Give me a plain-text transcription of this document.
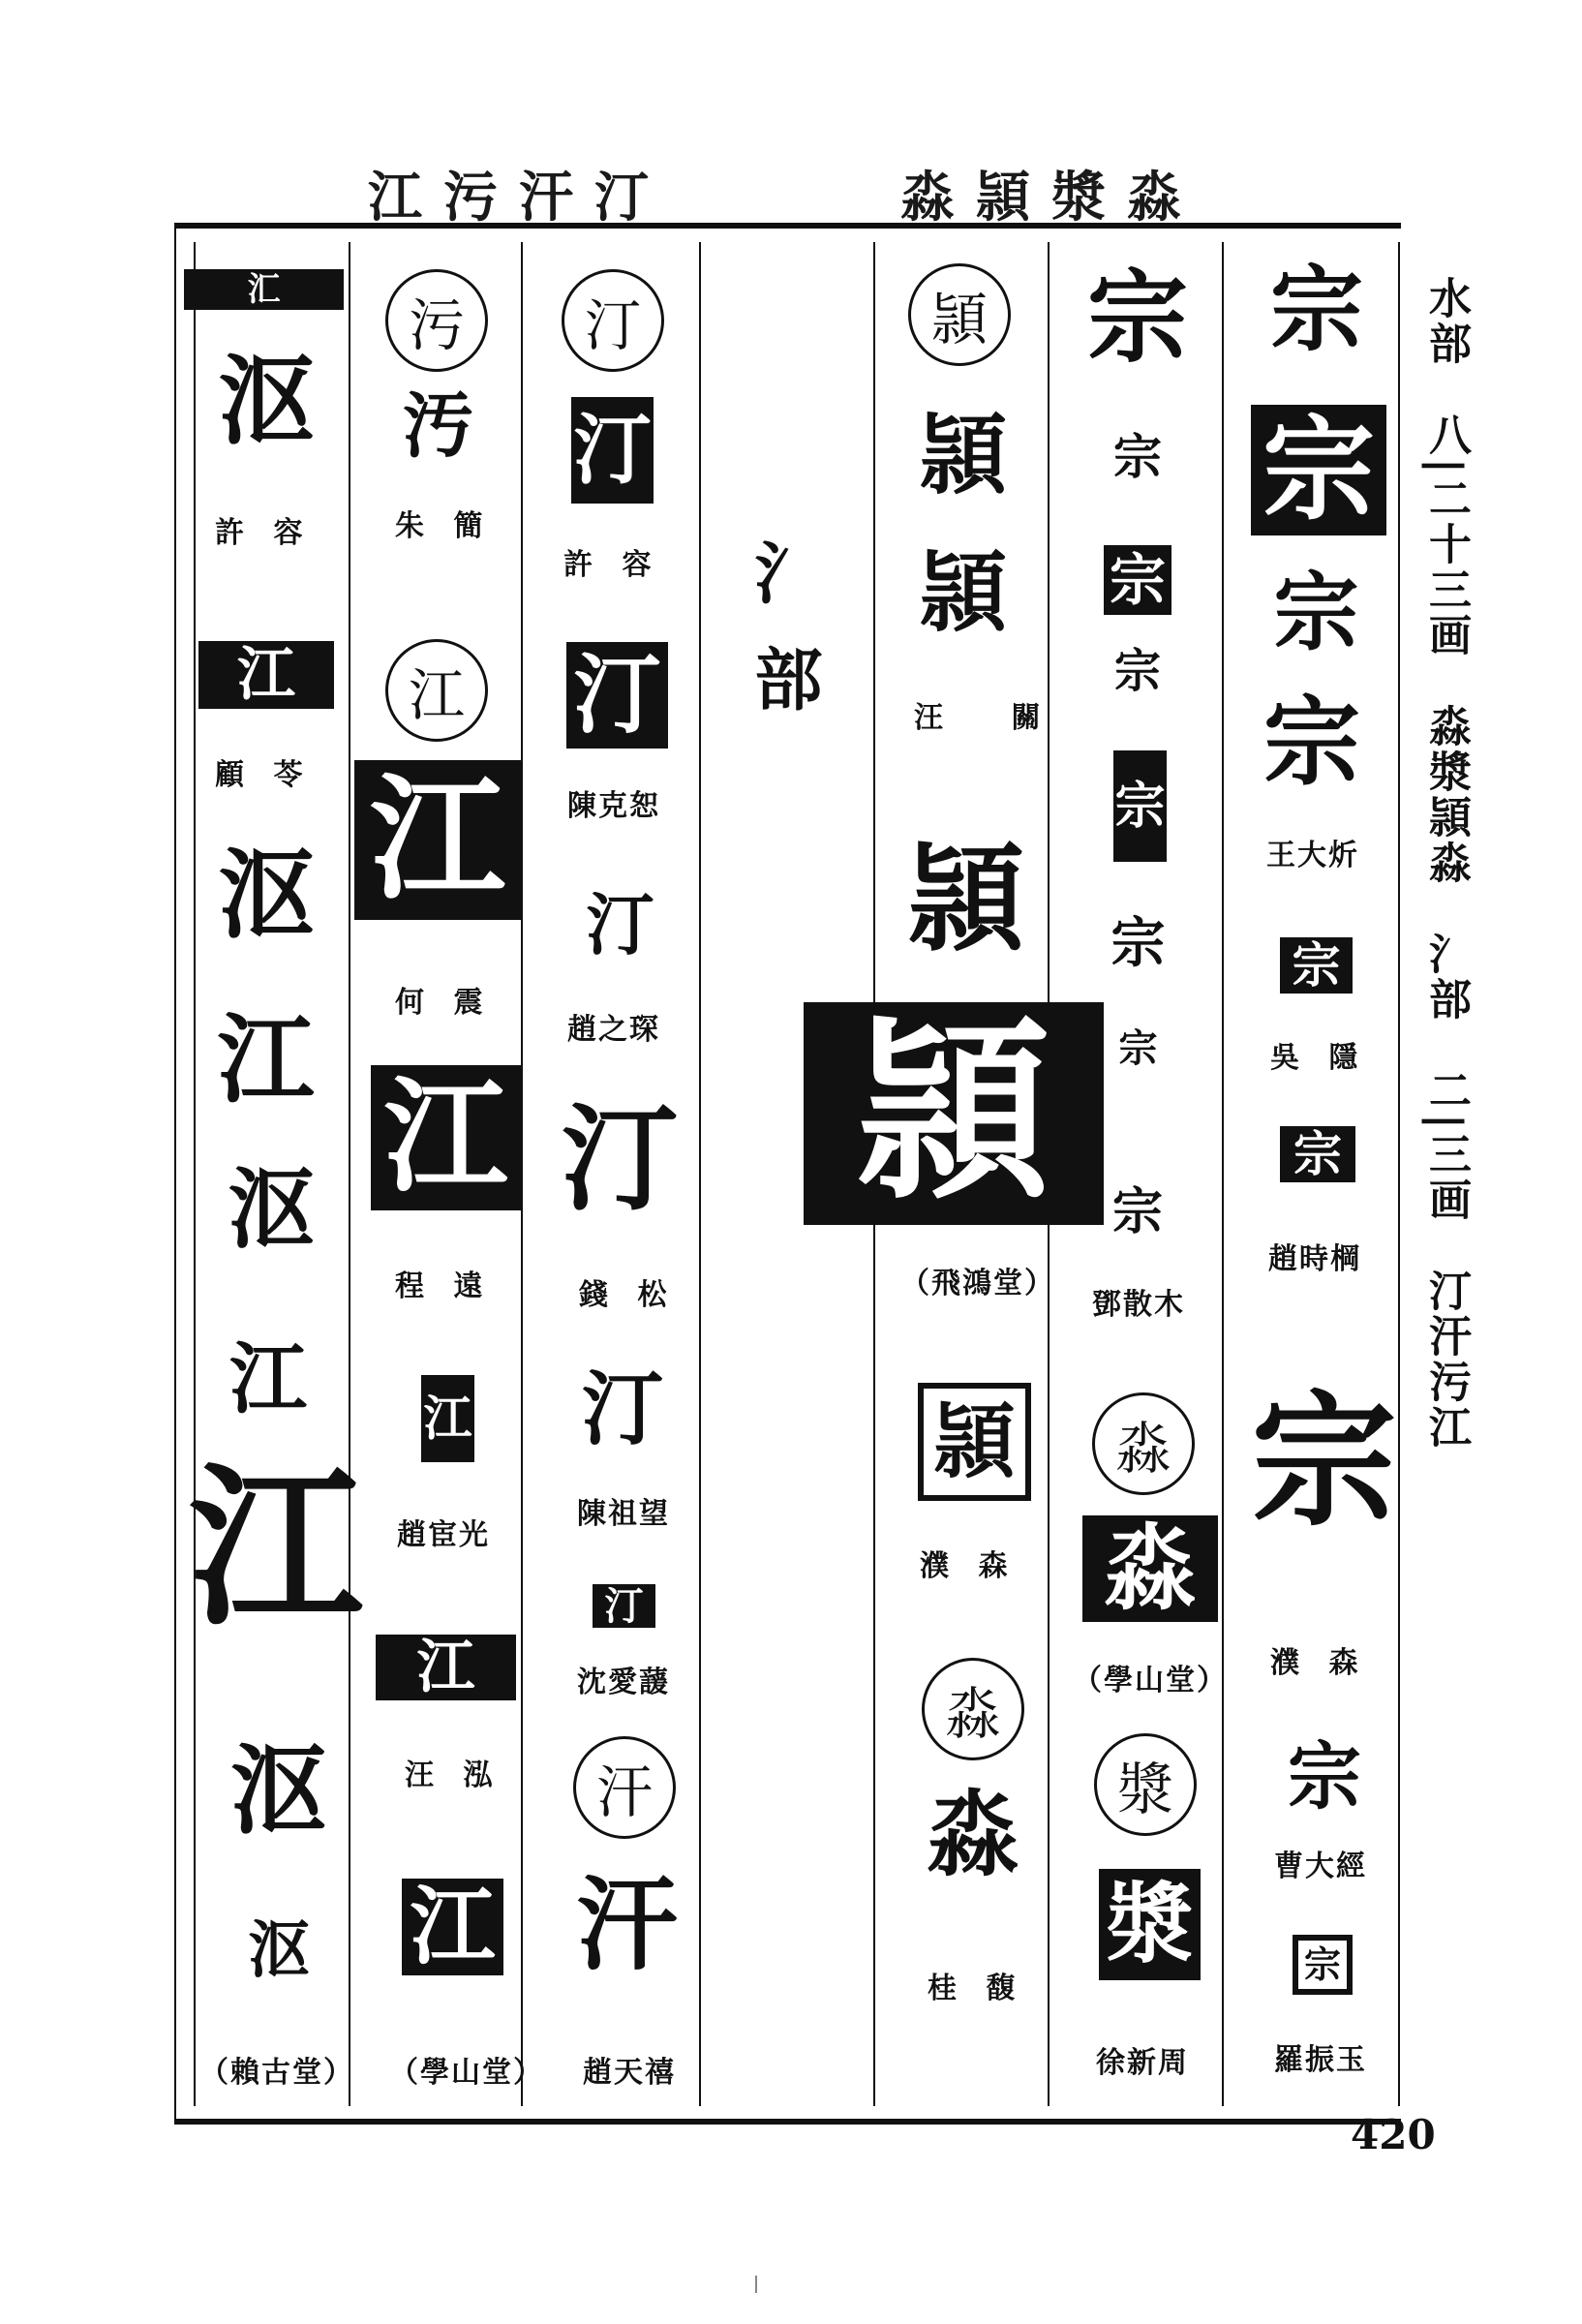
江污汗汀	淼頴漿淼
汇
沤
許 容
江
顧 苓
沤
江
沤
江
江
沤
沤
（賴古堂）
污
汚
朱 簡
江
江
何 震
江
程 遠
江
趙宦光
江
汪 泓
江
（學山堂）
汀
汀
許 容
汀
陳克恕
汀
趙之琛
汀
錢 松
汀
陳祖望
汀
沈愛蘐
汗
汗
趙天禧
氵部
頴
頴
頴
汪 關
頴
頴
（飛鴻堂）
頴
濮 森
淼
淼
桂 馥
宗
宗
宗
宗
宗
宗
宗
宗
鄧散木
淼
淼
（學山堂）
漿
漿
徐新周
宗
宗
宗
宗
王大炘
宗
吳 隱
宗
趙時棡
宗
濮 森
宗
曹大經
宗
羅振玉
水部　八|二十三画　淼漿頴淼　氵部　二|三画　汀汗污江
420
